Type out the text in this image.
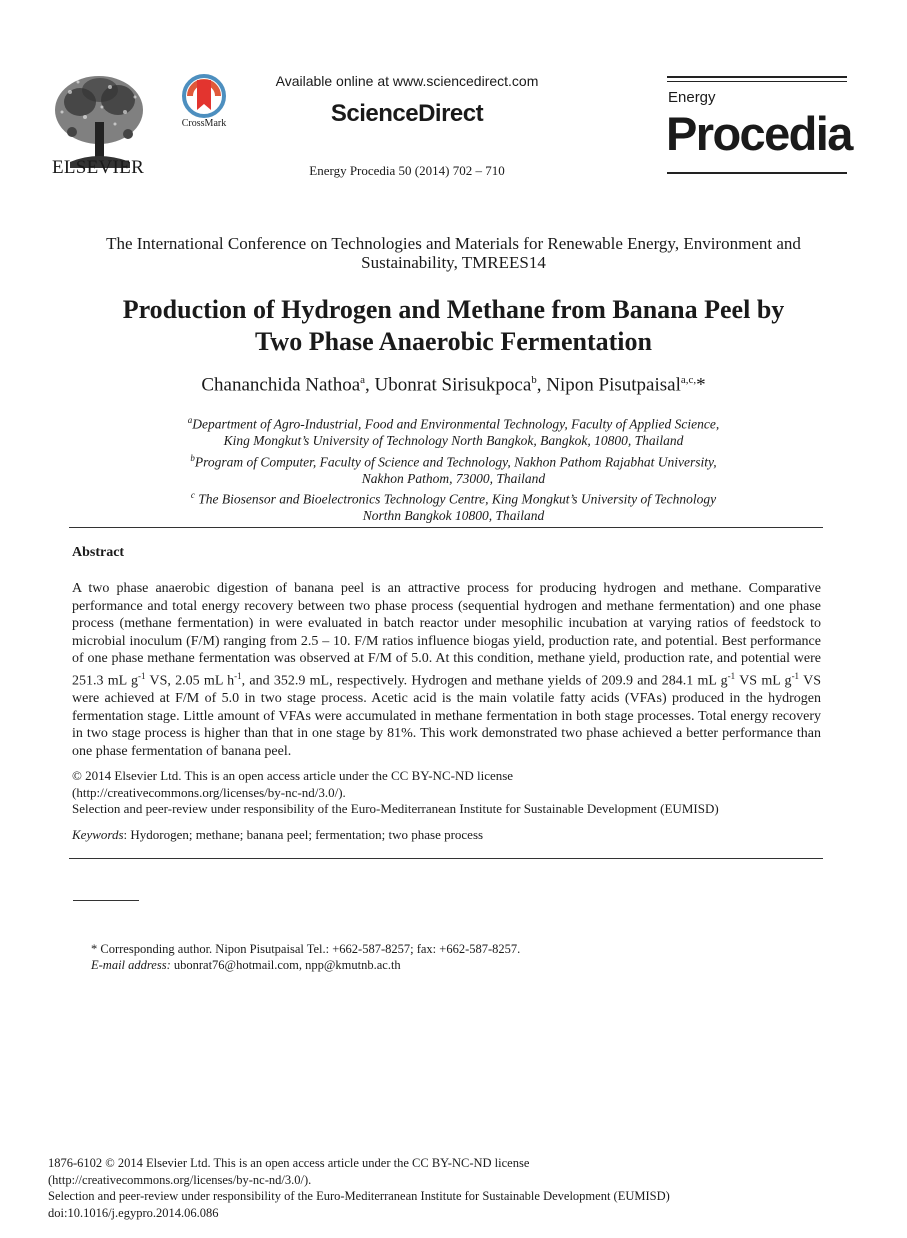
ELSEVIER
CrossMark
Available online at www.sciencedirect.com
ScienceDirect
Energy Procedia 50 (2014) 702 – 710
Energy
Procedia
The International Conference on Technologies and Materials for Renewable Energy, Environment and Sustainability, TMREES14
Production of Hydrogen and Methane from Banana Peel by
Two Phase Anaerobic Fermentation
Chananchida Nathoa$^a$, Ubonrat Sirisukpoca$^b$, Nipon Pisutpaisal$^{a,c,}$*
$^a$Department of Agro-Industrial, Food and Environmental Technology, Faculty of Applied Science,
King Mongkut’s University of Technology North Bangkok, Bangkok, 10800, Thailand
$^b$Program of Computer, Faculty of Science and Technology, Nakhon Pathom Rajabhat University,
Nakhon Pathom, 73000, Thailand
$^c$ The Biosensor and Bioelectronics Technology Centre, King Mongkut’s University of Technology
Northn Bangkok 10800, Thailand
Abstract
A two phase anaerobic digestion of banana peel is an attractive process for producing hydrogen and methane. Comparative performance and total energy recovery between two phase process (sequential hydrogen and methane fermentation) and one phase process (methane fermentation) in were evaluated in batch reactor under mesophilic incubation at varying ratios of feedstock to microbial inoculum (F/M) ranging from 2.5 – 10. F/M ratios influence biogas yield, production rate, and potential. Best performance of one phase methane fermentation was observed at F/M of 5.0. At this condition, methane yield, production rate, and potential were 251.3 mL $g^{-1}$ VS, 2.05 mL $h^{-1}$, and 352.9 mL, respectively. Hydrogen and methane yields of 209.9 and 284.1 mL $g^{-1}$ VS mL $g^{-1}$ VS were achieved at F/M of 5.0 in two stage process. Acetic acid is the main volatile fatty acids (VFAs) produced in the hydrogen fermentation stage. Little amount of VFAs were accumulated in methane fermentation in both stage processes. Total energy recovery in two stage process is higher than that in one stage by 81%. This work demonstrated two phase achieved a better performance than one phase fermentation of banana peel.
© 2014 Elsevier Ltd. This is an open access article under the CC BY-NC-ND license
(http://creativecommons.org/licenses/by-nc-nd/3.0/).
Selection and peer-review under responsibility of the Euro-Mediterranean Institute for Sustainable Development (EUMISD)
Keywords: Hydorogen; methane; banana peel; fermentation; two phase process
* Corresponding author. Nipon Pisutpaisal Tel.: +662-587-8257; fax: +662-587-8257.
E-mail address: ubonrat76@hotmail.com, npp@kmutnb.ac.th
1876-6102 © 2014 Elsevier Ltd. This is an open access article under the CC BY-NC-ND license
(http://creativecommons.org/licenses/by-nc-nd/3.0/).
Selection and peer-review under responsibility of the Euro-Mediterranean Institute for Sustainable Development (EUMISD)
doi:10.1016/j.egypro.2014.06.086
